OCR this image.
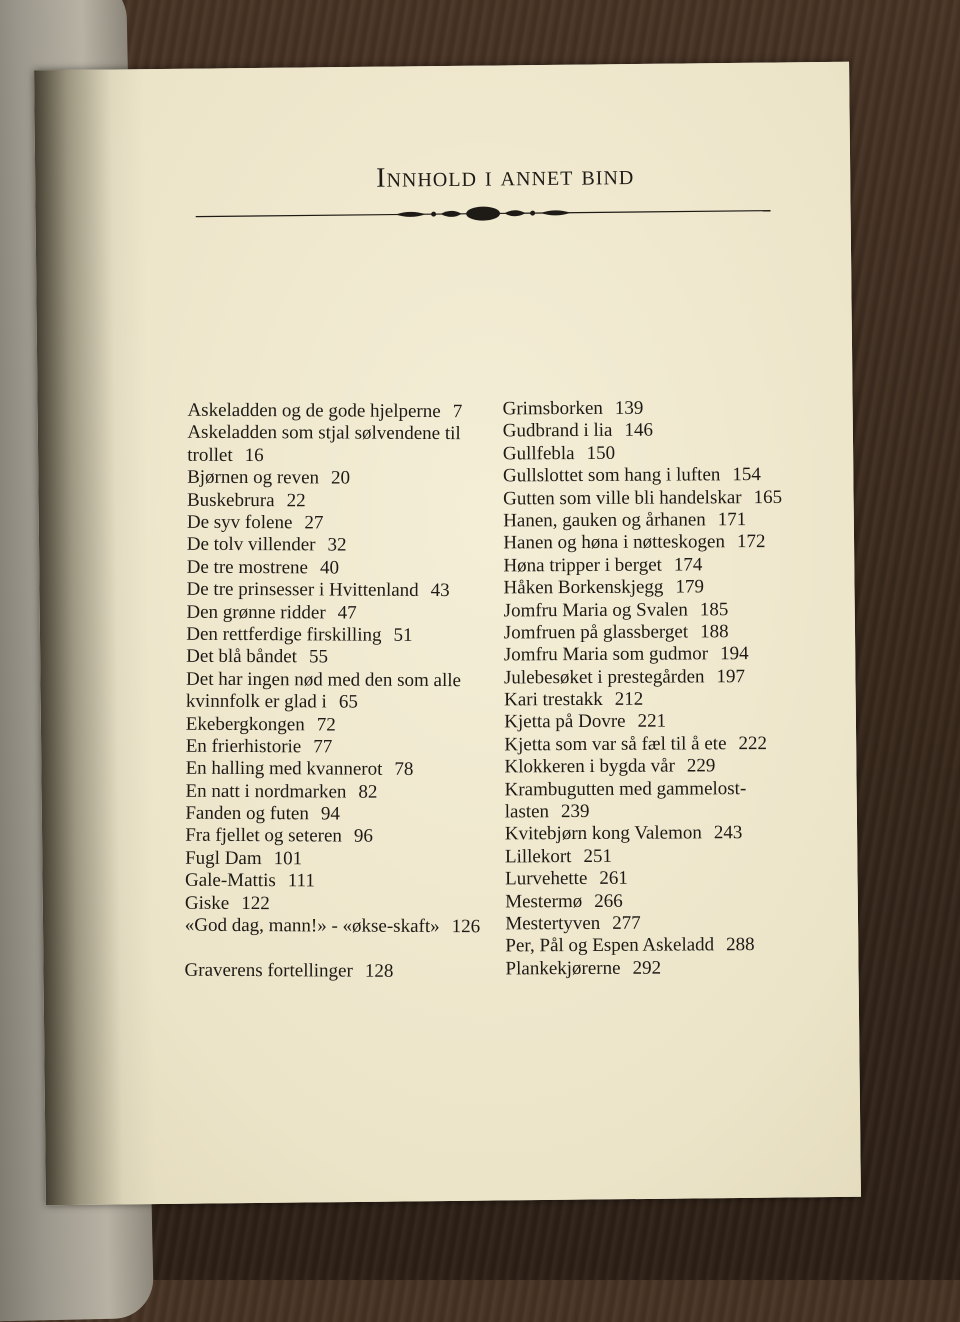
Innhold i annet bind
Askeladden og de gode hjelperne 7
Askeladden som stjal sølvendene til trollet 16
Bjørnen og reven 20
Buskebrura 22
De syv folene 27
De tolv villender 32
De tre mostrene 40
De tre prinsesser i Hvittenland 43
Den grønne ridder 47
Den rettferdige firskilling 51
Det blå båndet 55
Det har ingen nød med den som alle kvinnfolk er glad i 65
Ekebergkongen 72
En frierhistorie 77
En halling med kvannerot 78
En natt i nordmarken 82
Fanden og futen 94
Fra fjellet og seteren 96
Fugl Dam 101
Gale-Mattis 111
Giske 122
«God dag, mann!» - «økse-skaft» 126
Graverens fortellinger 128
Grimsborken 139
Gudbrand i lia 146
Gullfebla 150
Gullslottet som hang i luften 154
Gutten som ville bli handelskar 165
Hanen, gauken og århanen 171
Hanen og høna i nøtteskogen 172
Høna tripper i berget 174
Håken Borkenskjegg 179
Jomfru Maria og Svalen 185
Jomfruen på glassberget 188
Jomfru Maria som gudmor 194
Julebesøket i prestegården 197
Kari trestakk 212
Kjetta på Dovre 221
Kjetta som var så fæl til å ete 222
Klokkeren i bygda vår 229
Krambugutten med gammelost-lasten 239
Kvitebjørn kong Valemon 243
Lillekort 251
Lurvehette 261
Mestermø 266
Mestertyven 277
Per, Pål og Espen Askeladd 288
Plankekjørerne 292
